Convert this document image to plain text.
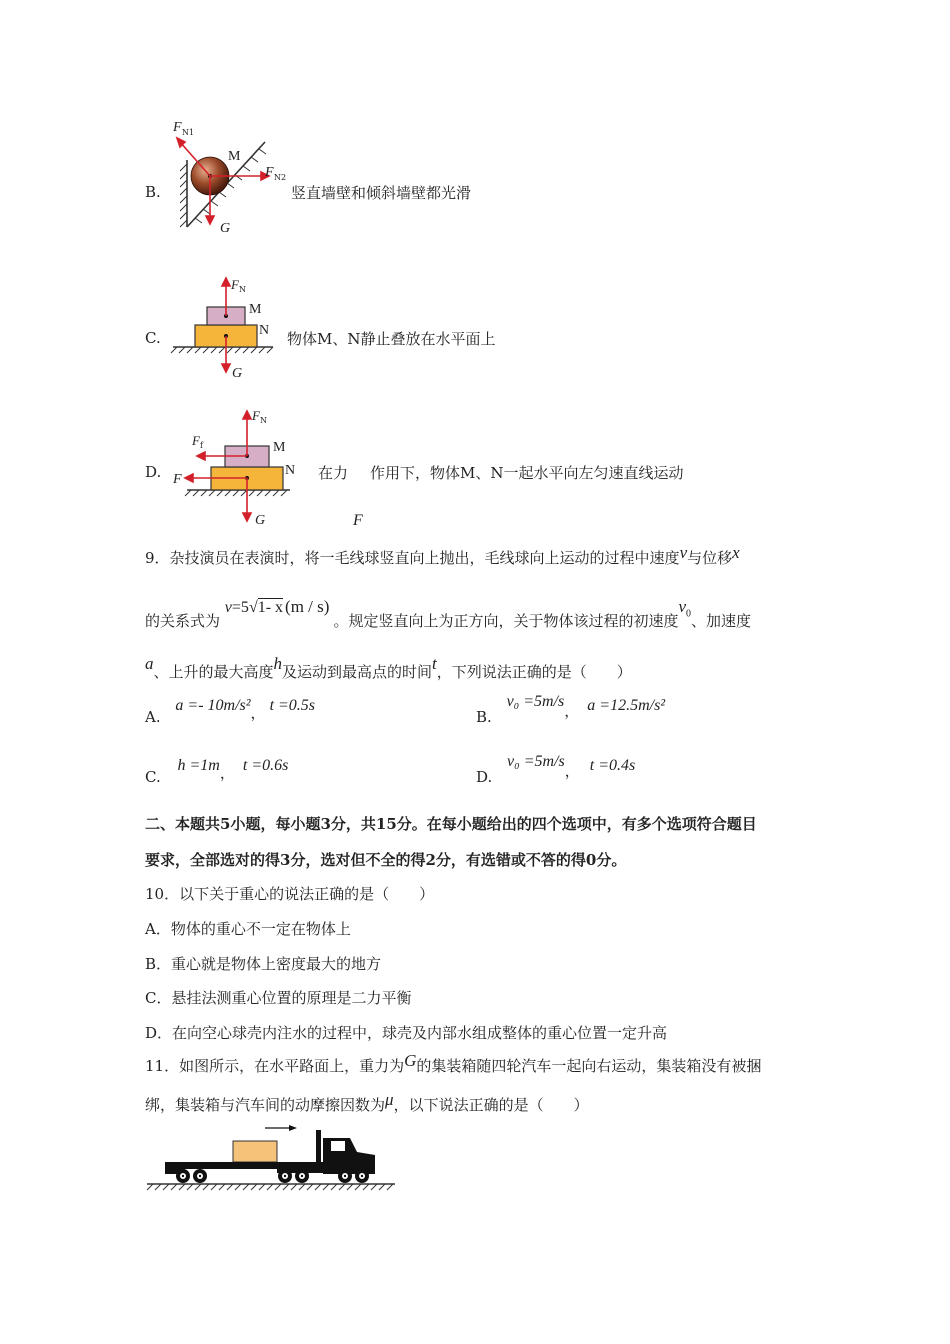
B.
F N1
M
F N2
G
竖直墙壁和倾斜墙壁都光滑
C.
F N
M
N
G
物体M、N静止叠放在水平面上
D.
F N
F f
F
M
N
G
在力 作用下，物体M、N一起水平向左匀速直线运动
F
9．杂技演员在表演时，将一毛线球竖直向上抛出，毛线球向上运动的过程中速度v与位移x
的关系式为 v=5√1- x (m / s) 。规定竖直向上为正方向，关于物体该过程的初速度$v_0$、加速度
a、上升的最大高度h及运动到最高点的时间t，下列说法正确的是（　　）
A. a =- 10m/s²， t =0.5s
B. v₀ =5m/s， a =12.5m/s²
C. h =1m， t =0.6s
D. v₀ =5m/s， t =0.4s
二、本题共5小题，每小题3分，共15分。在每小题给出的四个选项中，有多个选项符合题目
要求，全部选对的得3分，选对但不全的得2分，有选错或不答的得0分。
10．以下关于重心的说法正确的是（　　）
A．物体的重心不一定在物体上
B．重心就是物体上密度最大的地方
C．悬挂法测重心位置的原理是二力平衡
D．在向空心球壳内注水的过程中，球壳及内部水组成整体的重心位置一定升高
11．如图所示，在水平路面上，重力为G的集装箱随四轮汽车一起向右运动，集装箱没有被捆
绑，集装箱与汽车间的动摩擦因数为μ，以下说法正确的是（　　）
